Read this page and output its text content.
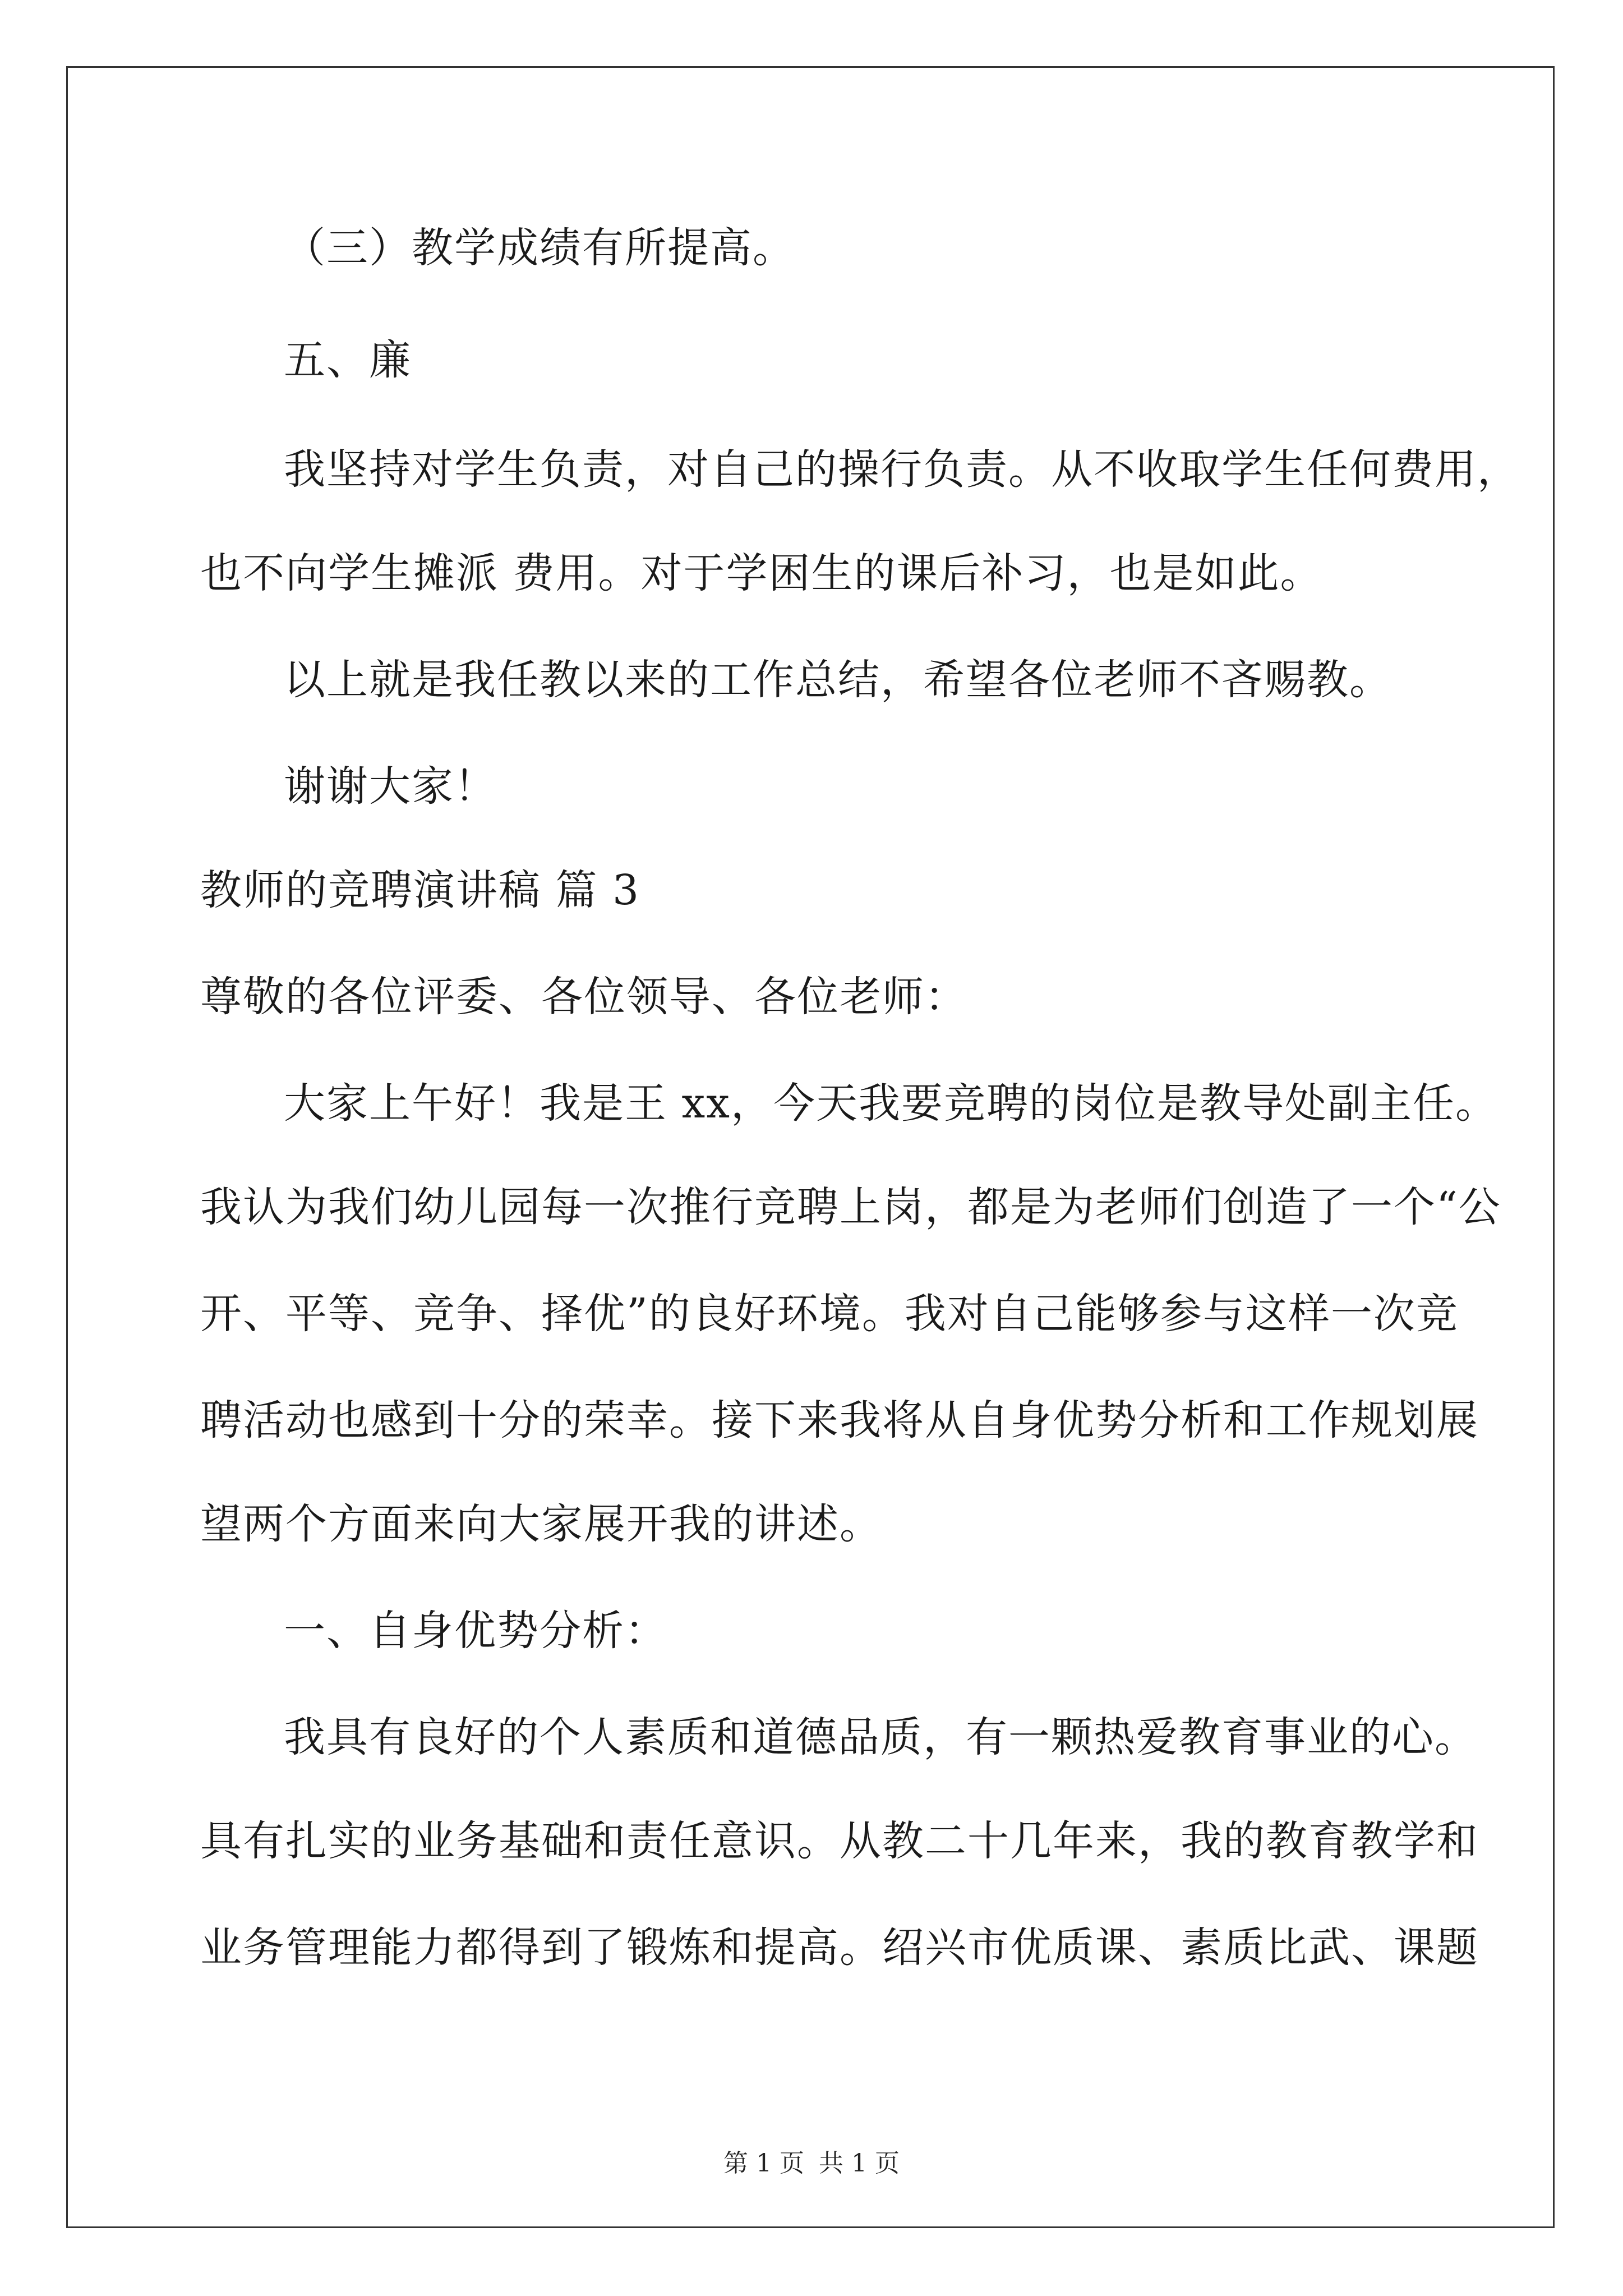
（三）教学成绩有所提高。
五、廉
我坚持对学生负责，对自己的操行负责。从不收取学生任何费用，
也不向学生摊派 费用。对于学困生的课后补习，也是如此。
以上就是我任教以来的工作总结，希望各位老师不吝赐教。
谢谢大家！
教师的竞聘演讲稿 篇 3
尊敬的各位评委、各位领导、各位老师：
大家上午好！我是王 xx，今天我要竞聘的岗位是教导处副主任。
我认为我们幼儿园每一次推行竞聘上岗，都是为老师们创造了一个“公
开、平等、竞争、择优”的良好环境。我对自己能够参与这样一次竞
聘活动也感到十分的荣幸。接下来我将从自身优势分析和工作规划展
望两个方面来向大家展开我的讲述。
一、自身优势分析：
我具有良好的个人素质和道德品质，有一颗热爱教育事业的心。
具有扎实的业务基础和责任意识。从教二十几年来，我的教育教学和
业务管理能力都得到了锻炼和提高。绍兴市优质课、素质比武、课题
第 1 页 共 1 页
